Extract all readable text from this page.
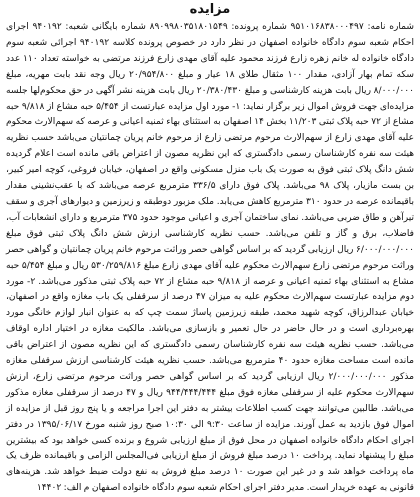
مزایده

شماره نامه: ۹۵۱۰۱۶۸۳۸۰۰۰۴۹۷ شماره پرونده: ۸۹۰۹۹۸۰۳۵۱۸۰۱۵۴۹ شماره بایگانی شعبه: ۹۴۰۱۹۲ اجرای احکام شعبه سوم دادگاه خانواده اصفهان در نظر دارد در خصوص پرونده کلاسه ۹۴۰۱۹۲ اجرائی شعبه سوم دادگاه خانواده له خانم زهره زارع فرزند محمود علیه آقای مهدی زارع فرزند مرتضی به خواسته تعداد ۱۱۰ عدد سکه تمام بهار آزادی، مقدار ۱۰۰ مثقال طلای ۱۸ عیار و مبلغ ۲۰/۹۵۴/۸۰۰ ریال وجه نقد بابت مهریه، مبلغ ۸/۰۰۰/۰۰۰ ریال بابت هزینه کارشناسی و مبلغ ۲۰/۳۸۰/۴۳۰ ریال بابت هزینه نشر آگهی در حق محکوم‌لها جلسه مزایده‌ای جهت فروش اموال زیر برگزار نماید: ۱- مورد اول مزایده عبارتست از ۵/۴۵۴ حبه مشاع از ۹/۸۱۸ حبه مشاع از ۷۲ حبه پلاک ثبتی ۱۱/۲۰۳ بخش ۱۴ اصفهان به استثنای بهاء ثمنیه اعیانی و عرصه که سهم‌الارث محکوم علیه آقای مهدی زارع از سهم‌الارث مرحوم مرتضی زارع از مرحوم خانم پریان چمانتیان می‌باشد حسب نظریه هیئت سه نفره کارشناسان رسمی دادگستری که این نظریه مصون از اعتراض باقی مانده است اعلام گردیده شش دانگ پلاک ثبتی فوق به صورت یک باب منزل مسکونی واقع در اصفهان، خیابان فروغی، کوچه امیر کبیر، بن بست مازیار، پلاک ۹۸ می‌باشد. پلاک فوق دارای ۳۳۶/۵ مترمربع عرصه می‌باشد که با عقب‌نشینی مقدار باقیمانده عرصه در حدود ۳۱۰ مترمربع کاهش می‌یابد. ملک مزبور دوطبقه و زیرزمین و دیوارهای آجری و سقف تیرآهن و طاق ضربی می‌باشد. نمای ساختمان آجری و اعیانی موجود حدود ۳۷۵ مترمربع و دارای انشعابات آب، فاضلاب، برق و گاز و تلفن می‌باشد. حسب نظریه کارشناسی ارزش شش دانگ پلاک ثبتی فوق مبلغ ۶/۰۰۰/۰۰۰/۰۰۰ ریال ارزیابی گردید که بر اساس گواهی حصر وراثت مرحوم خانم پریان چمانتیان و گواهی حصر وراثت مرحوم مرتضی زارع سهم‌الارث محکوم علیه آقای مهدی زارع مبلغ ۵۳۰/۲۵۹/۸۱۶ ریال و مبلغ ۵/۴۵۴ حبه مشاع به استثنای بهاء ثمنیه اعیانی و عرصه از ۹/۸۱۸ حبه مشاع از ۷۲ حبه پلاک ثبتی مذکور می‌باشد. ۲- مورد دوم مزایده عبارتست سهم‌الارث محکوم علیه به میزان ۴۷ درصد از سرقفلی یک باب مغازه واقع در اصفهان، خیابان عبدالرزاق، کوچه شهید محمد، طبقه زیرزمین پاساژ سمت چپ که به عنوان انبار لوازم خانگی مورد بهره‌برداری است و در حال حاضر در حال تعمیر و بازسازی می‌باشد. مالکیت مغازه در اختیار اداره اوقاف می‌باشد. حسب نظریه هیئت سه نفره کارشناسان رسمی دادگستری که این نظریه مصون از اعتراض باقی مانده است مساحت مغازه حدود ۴۰ مترمربع می‌باشد. حسب نظریه هیئت کارشناسی ارزش سرقفلی مغازه مذکور ۲/۰۰۰/۰۰۰/۰۰۰ ریال ارزیابی گردید که بر اساس گواهی حصر وراثت مرحوم مرتضی زارع، ارزش سهم‌الارث محکوم علیه از سرقفلی مغازه فوق مبلغ ۹۴۴/۴۴۴/۴۴۴ ریال و ۴۷ درصد از سرقفلی مغازه مذکور می‌باشد. طالبین می‌توانند جهت کسب اطلاعات بیشتر به دفتر این اجرا مراجعه و یا پنج روز قبل از مزایده از اموال فوق بازدید به عمل آورند. مزایده از ساعت ۹:۳۰ الی ۱۰:۳۰ صبح روز شنبه مورخ ۱۳۹۵/۰۶/۱۷ در دفتر اجرای احکام دادگاه خانواده اصفهان در محل فوق از مبلغ ارزیابی شروع و برنده کسی خواهد بود که بیشترین مبلغ را پیشنهاد نماید. پرداخت ۱۰ درصد مبلغ فروش از مبلغ ارزیابی فی‌المجلس الزامی و باقیمانده ظرف یک ماه پرداخت خواهد شد و در غیر این صورت ۱۰ درصد مبلغ فروش به نفع دولت ضبط خواهد شد. هزینه‌های قانونی به عهده خریدار است. مدیر دفتر اجرای احکام شعبه سوم دادگاه خانواده اصفهان م الف: ۱۴۴۰۲
